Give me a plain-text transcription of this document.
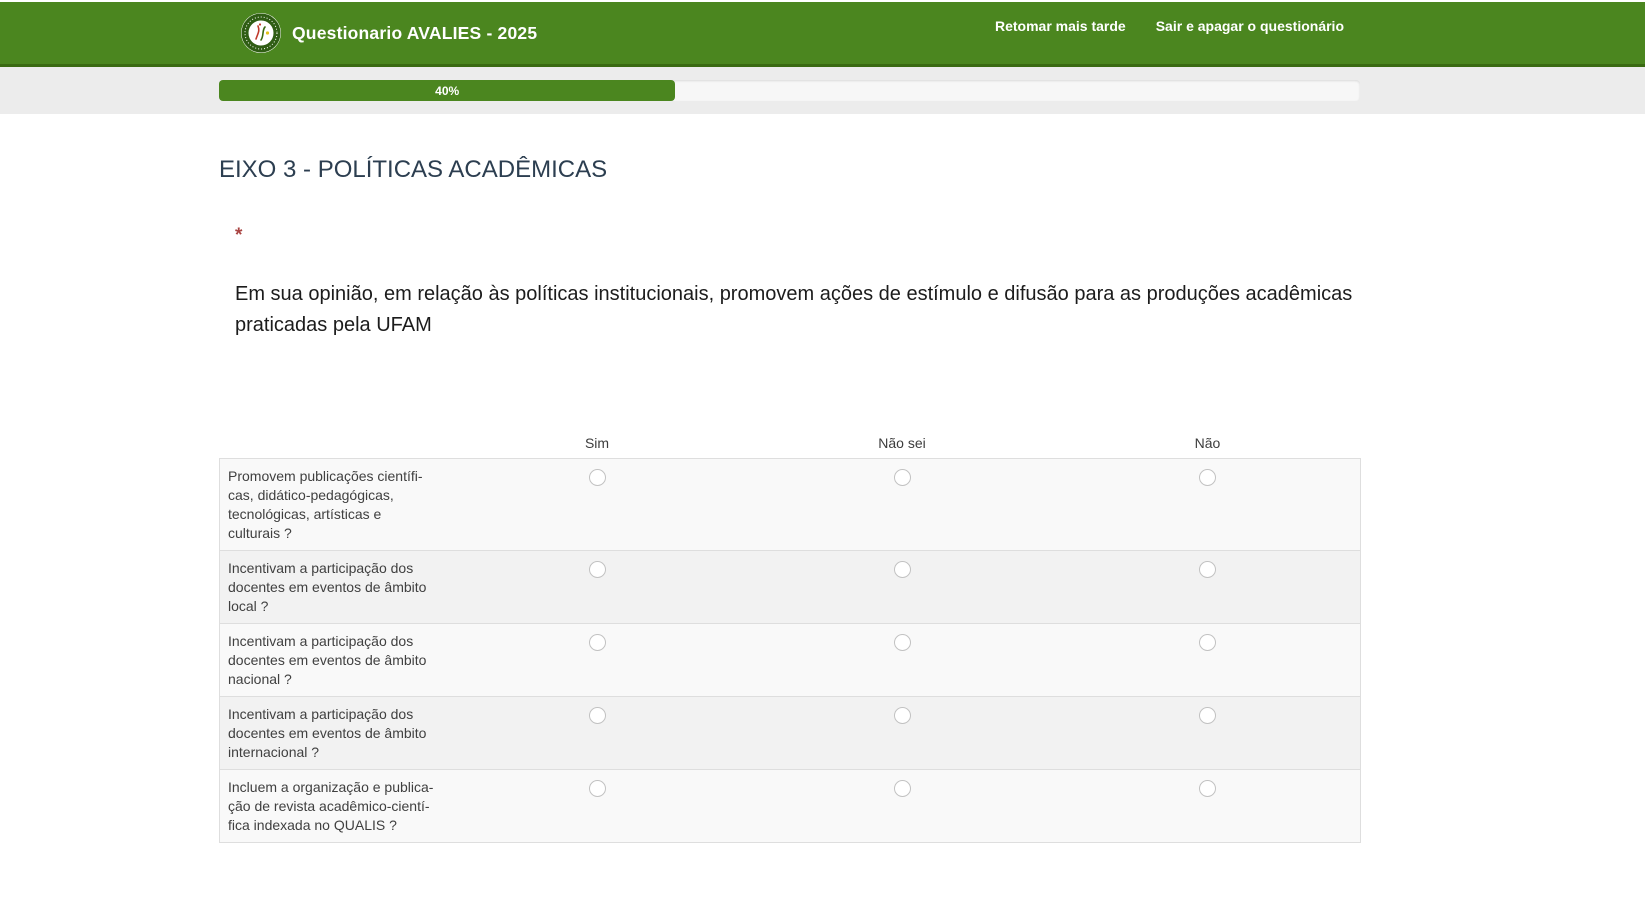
Questionario AVALIES - 2025	Retomar mais tarde Sair e apagar o questionário
40%
EIXO 3 - POLÍTICAS ACADÊMICAS
*
Em sua opinião, em relação às políticas institucionais, promovem ações de estímulo e difusão para as produções acadêmicas praticadas pela UFAM
	Sim	Não sei	Não
Promovem publicações científicas, didático-pedagógicas, tecnológicas, artísticas e culturais ?			
Incentivam a participação dos docentes em eventos de âmbito local ?			
Incentivam a participação dos docentes em eventos de âmbito nacional ?			
Incentivam a participação dos docentes em eventos de âmbito internacional ?			
Incluem a organização e publicação de revista acadêmico-científica indexada no QUALIS ?			
